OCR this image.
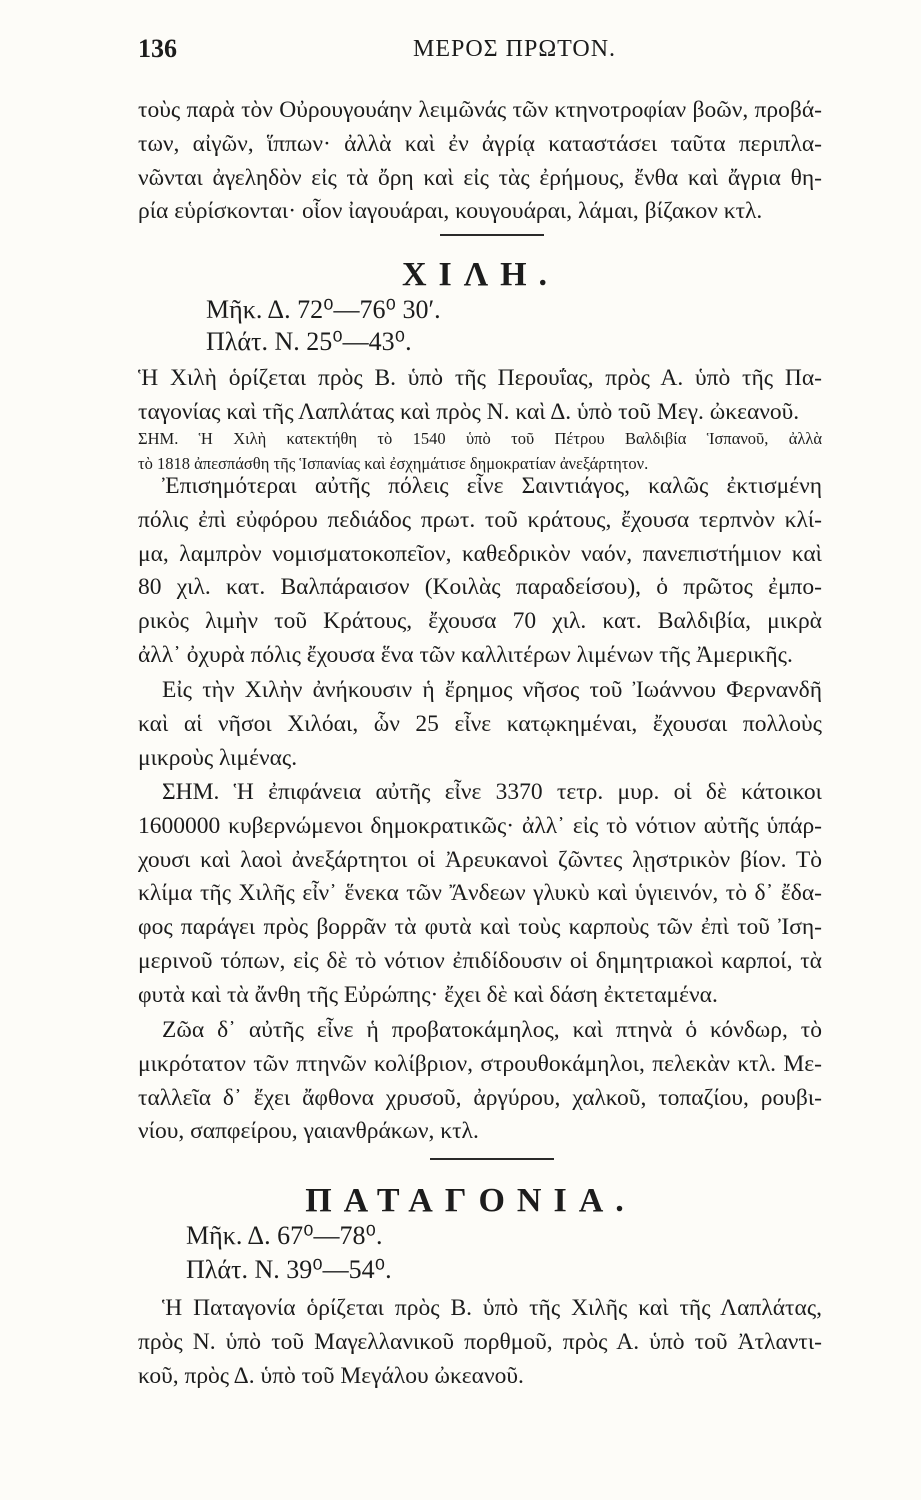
136	ΜΕΡΟΣ ΠΡΩΤΟΝ.
τοὺς παρὰ τὸν Οὐρουγουάην λειμῶνάς τῶν κτηνοτροφίαν βοῶν, προβά-
των, αἰγῶν, ἵππων· ἀλλὰ καὶ ἐν ἀγρίᾳ καταστάσει ταῦτα περιπλα-
νῶνται ἀγεληδὸν εἰς τὰ ὄρη καὶ εἰς τὰς ἐρήμους, ἔνθα καὶ ἄγρια θη-
ρία εὑρίσκονται· οἷον ἰαγουάραι, κουγουάραι, λάμαι, βίζακον κτλ.
ΧΙΛΗ.
Μῆκ. Δ. 72⁰—76⁰ 30′.
Πλάτ. Ν. 25⁰—43⁰.
Ἡ Χιλὴ ὁρίζεται πρὸς Β. ὑπὸ τῆς Περουΐας, πρὸς Α. ὑπὸ τῆς Πα-
ταγονίας καὶ τῆς Λαπλάτας καὶ πρὸς Ν. καὶ Δ. ὑπὸ τοῦ Μεγ. ὠκεανοῦ.
ΣΗΜ. Ἡ Χιλὴ κατεκτήθη τὸ 1540 ὑπὸ τοῦ Πέτρου Βαλδιβία Ἱσπανοῦ, ἀλλὰ
τὸ 1818 ἀπεσπάσθη τῆς Ἱσπανίας καὶ ἐσχημάτισε δημοκρατίαν ἀνεξάρτητον.
Ἐπισημότεραι αὐτῆς πόλεις εἶνε Σαιντιάγος, καλῶς ἐκτισμένη
πόλις ἐπὶ εὐφόρου πεδιάδος πρωτ. τοῦ κράτους, ἔχουσα τερπνὸν κλί-
μα, λαμπρὸν νομισματοκοπεῖον, καθεδρικὸν ναόν, πανεπιστήμιον καὶ
80 χιλ. κατ. Βαλπάραισον (Κοιλὰς παραδείσου), ὁ πρῶτος ἐμπο-
ρικὸς λιμὴν τοῦ Κράτους, ἔχουσα 70 χιλ. κατ. Βαλδιβία, μικρὰ
ἀλλ᾽ ὀχυρὰ πόλις ἔχουσα ἕνα τῶν καλλιτέρων λιμένων τῆς Ἀμερικῆς.
Εἰς τὴν Χιλὴν ἀνήκουσιν ἡ ἔρημος νῆσος τοῦ Ἰωάννου Φερνανδῆ
καὶ αἱ νῆσοι Χιλόαι, ὧν 25 εἶνε κατῳκημέναι, ἔχουσαι πολλοὺς
μικροὺς λιμένας.
ΣΗΜ. Ἡ ἐπιφάνεια αὐτῆς εἶνε 3370 τετρ. μυρ. οἱ δὲ κάτοικοι
1600000 κυβερνώμενοι δημοκρατικῶς· ἀλλ᾽ εἰς τὸ νότιον αὐτῆς ὑπάρ-
χουσι καὶ λαοὶ ἀνεξάρτητοι οἱ Ἀρευκανοὶ ζῶντες λῃστρικὸν βίον. Τὸ
κλίμα τῆς Χιλῆς εἶν᾽ ἕνεκα τῶν Ἄνδεων γλυκὺ καὶ ὑγιεινόν, τὸ δ᾽ ἔδα-
φος παράγει πρὸς βορρᾶν τὰ φυτὰ καὶ τοὺς καρποὺς τῶν ἐπὶ τοῦ Ἰση-
μερινοῦ τόπων, εἰς δὲ τὸ νότιον ἐπιδίδουσιν οἱ δημητριακοὶ καρποί, τὰ
φυτὰ καὶ τὰ ἄνθη τῆς Εὐρώπης· ἔχει δὲ καὶ δάση ἐκτεταμένα.
Ζῶα δ᾽ αὐτῆς εἶνε ἡ προβατοκάμηλος, καὶ πτηνὰ ὁ κόνδωρ, τὸ
μικρότατον τῶν πτηνῶν κολίβριον, στρουθοκάμηλοι, πελεκὰν κτλ. Με-
ταλλεῖα δ᾽ ἔχει ἄφθονα χρυσοῦ, ἀργύρου, χαλκοῦ, τοπαζίου, ρουβι-
νίου, σαπφείρου, γαιανθράκων, κτλ.
ΠΑΤΑΓΟΝΙΑ.
Μῆκ. Δ. 67⁰—78⁰.
Πλάτ. Ν. 39⁰—54⁰.
Ἡ Παταγονία ὁρίζεται πρὸς Β. ὑπὸ τῆς Χιλῆς καὶ τῆς Λαπλάτας,
πρὸς Ν. ὑπὸ τοῦ Μαγελλανικοῦ πορθμοῦ, πρὸς Α. ὑπὸ τοῦ Ἀτλαντι-
κοῦ, πρὸς Δ. ὑπὸ τοῦ Μεγάλου ὠκεανοῦ.
